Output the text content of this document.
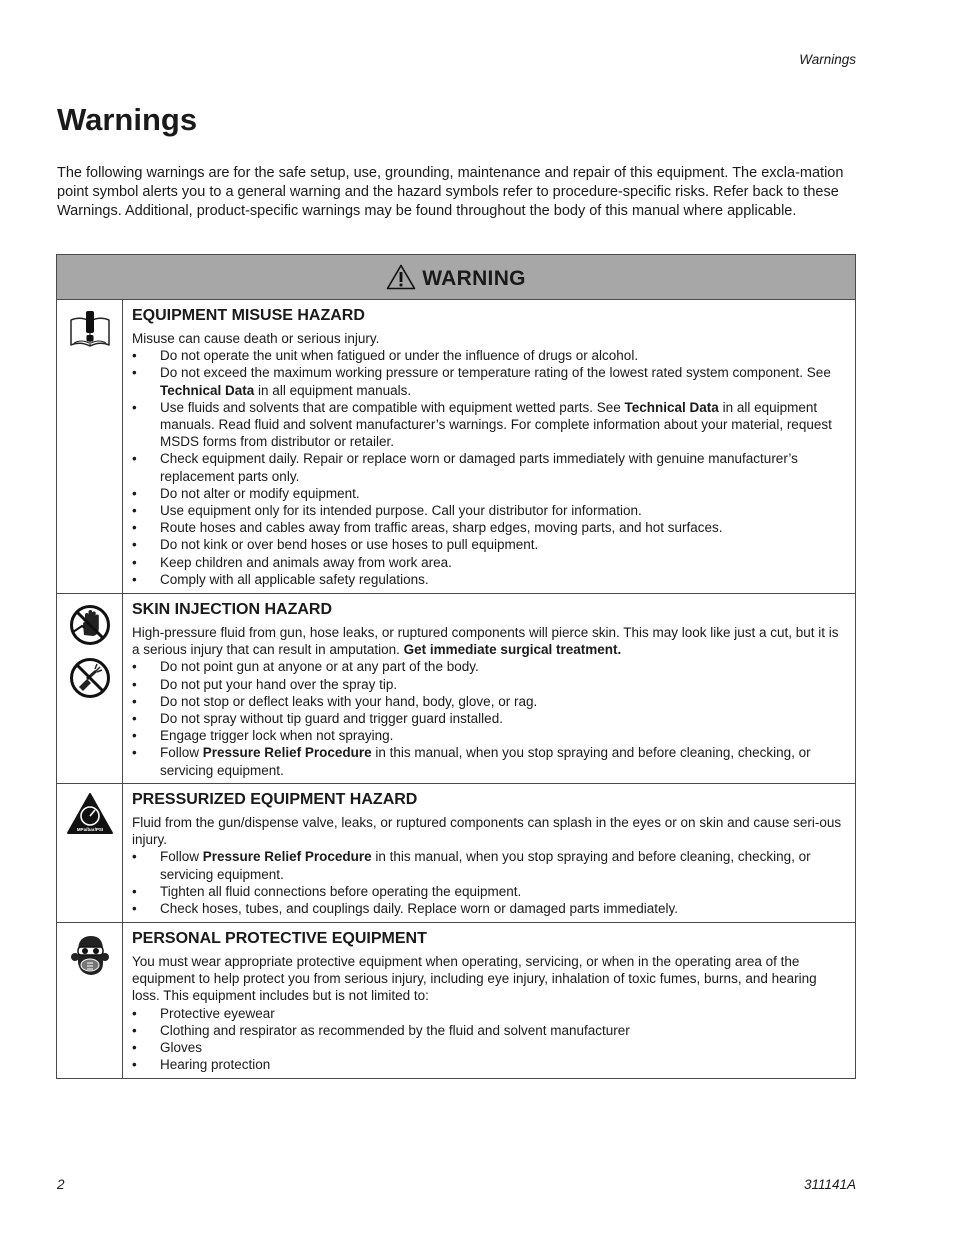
Warnings
Warnings

The following warnings are for the safe setup, use, grounding, maintenance and repair of this equipment. The excla-mation point symbol alerts you to a general warning and the hazard symbols refer to procedure-specific risks. Refer back to these Warnings. Additional, product-specific warnings may be found throughout the body of this manual where applicable.

WARNING
EQUIPMENT MISUSE HAZARD

Misuse can cause death or serious injury.

• Do not operate the unit when fatigued or under the influence of drugs or alcohol.
• Do not exceed the maximum working pressure or temperature rating of the lowest rated system component. See Technical Data in all equipment manuals.
• Use fluids and solvents that are compatible with equipment wetted parts. See Technical Data in all equipment manuals. Read fluid and solvent manufacturer’s warnings. For complete information about your material, request MSDS forms from distributor or retailer.
• Check equipment daily. Repair or replace worn or damaged parts immediately with genuine manufacturer’s replacement parts only.
• Do not alter or modify equipment.
• Use equipment only for its intended purpose. Call your distributor for information.
• Route hoses and cables away from traffic areas, sharp edges, moving parts, and hot surfaces.
• Do not kink or over bend hoses or use hoses to pull equipment.
• Keep children and animals away from work area.
• Comply with all applicable safety regulations.
SKIN INJECTION HAZARD

High-pressure fluid from gun, hose leaks, or ruptured components will pierce skin. This may look like just a cut, but it is a serious injury that can result in amputation. Get immediate surgical treatment.

• Do not point gun at anyone or at any part of the body.
• Do not put your hand over the spray tip.
• Do not stop or deflect leaks with your hand, body, glove, or rag.
• Do not spray without tip guard and trigger guard installed.
• Engage trigger lock when not spraying.
• Follow Pressure Relief Procedure in this manual, when you stop spraying and before cleaning, checking, or servicing equipment.
MPa/bar/PSI
PRESSURIZED EQUIPMENT HAZARD

Fluid from the gun/dispense valve, leaks, or ruptured components can splash in the eyes or on skin and cause seri-ous injury.

• Follow Pressure Relief Procedure in this manual, when you stop spraying and before cleaning, checking, or servicing equipment.
• Tighten all fluid connections before operating the equipment.
• Check hoses, tubes, and couplings daily. Replace worn or damaged parts immediately.
PERSONAL PROTECTIVE EQUIPMENT

You must wear appropriate protective equipment when operating, servicing, or when in the operating area of the equipment to help protect you from serious injury, including eye injury, inhalation of toxic fumes, burns, and hearing loss. This equipment includes but is not limited to:

• Protective eyewear
• Clothing and respirator as recommended by the fluid and solvent manufacturer
• Gloves
• Hearing protection
2	311141A
